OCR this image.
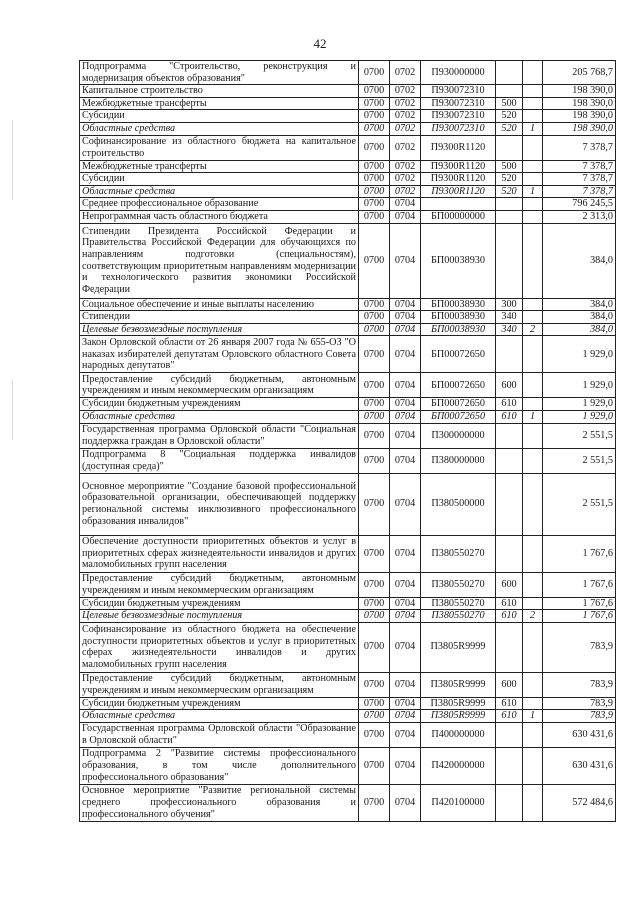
42
Подпрограмма "Строительство, реконструкция и модернизация объектов образования"	0700	0702	П930000000			205 768,7
Капитальное строительство	0700	0702	П930072310			198 390,0
Межбюджетные трансферты	0700	0702	П930072310	500		198 390,0
Субсидии	0700	0702	П930072310	520		198 390,0
Областные средства	0700	0702	П930072310	520	1	198 390,0
Софинансирование из областного бюджета на капитальное строительство	0700	0702	П9300R1120			7 378,7
Межбюджетные трансферты	0700	0702	П9300R1120	500		7 378,7
Субсидии	0700	0702	П9300R1120	520		7 378,7
Областные средства	0700	0702	П9300R1120	520	1	7 378,7
Среднее профессиональное образование	0700	0704				796 245,5
Непрограммная часть областного бюджета	0700	0704	БП00000000			2 313,0
Стипендии Президента Российской Федерации и Правительства Российской Федерации для обучающихся по направлениям подготовки (специальностям), соответствующим приоритетным направлениям модернизации и технологического развития экономики Российской Федерации	0700	0704	БП00038930			384,0
Социальное обеспечение и иные выплаты населению	0700	0704	БП00038930	300		384,0
Стипендии	0700	0704	БП00038930	340		384,0
Целевые безвозмездные поступления	0700	0704	БП00038930	340	2	384,0
Закон Орловской области от 26 января 2007 года № 655-ОЗ "О наказах избирателей депутатам Орловского областного Совета народных депутатов"	0700	0704	БП00072650			1 929,0
Предоставление субсидий бюджетным, автономным учреждениям и иным некоммерческим организациям	0700	0704	БП00072650	600		1 929,0
Субсидии бюджетным учреждениям	0700	0704	БП00072650	610		1 929,0
Областные средства	0700	0704	БП00072650	610	1	1 929,0
Государственная программа Орловской области "Социальная поддержка граждан в Орловской области"	0700	0704	П300000000			2 551,5
Подпрограмма 8 "Социальная поддержка инвалидов (доступная среда)"	0700	0704	П380000000			2 551,5
Основное мероприятие "Создание базовой профессиональной образовательной организации, обеспечивающей поддержку региональной системы инклюзивного профессионального образования инвалидов"	0700	0704	П380500000			2 551,5
Обеспечение доступности приоритетных объектов и услуг в приоритетных сферах жизнедеятельности инвалидов и других маломобильных групп населения	0700	0704	П380550270			1 767,6
Предоставление субсидий бюджетным, автономным учреждениям и иным некоммерческим организациям	0700	0704	П380550270	600		1 767,6
Субсидии бюджетным учреждениям	0700	0704	П380550270	610		1 767,6
Целевые безвозмездные поступления	0700	0704	П380550270	610	2	1 767,6
Софинансирование из областного бюджета на обеспечение доступности приоритетных объектов и услуг в приоритетных сферах жизнедеятельности инвалидов и других маломобильных групп населения	0700	0704	П3805R9999			783,9
Предоставление субсидий бюджетным, автономным учреждениям и иным некоммерческим организациям	0700	0704	П3805R9999	600		783,9
Субсидии бюджетным учреждениям	0700	0704	П3805R9999	610		783,9
Областные средства	0700	0704	П3805R9999	610	1	783,9
Государственная программа Орловской области "Образование в Орловской области"	0700	0704	П400000000			630 431,6
Подпрограмма 2 "Развитие системы профессионального образования, в том числе дополнительного профессионального образования"	0700	0704	П420000000			630 431,6
Основное мероприятие "Развитие региональной системы среднего профессионального образования и профессионального обучения"	0700	0704	П420100000			572 484,6
